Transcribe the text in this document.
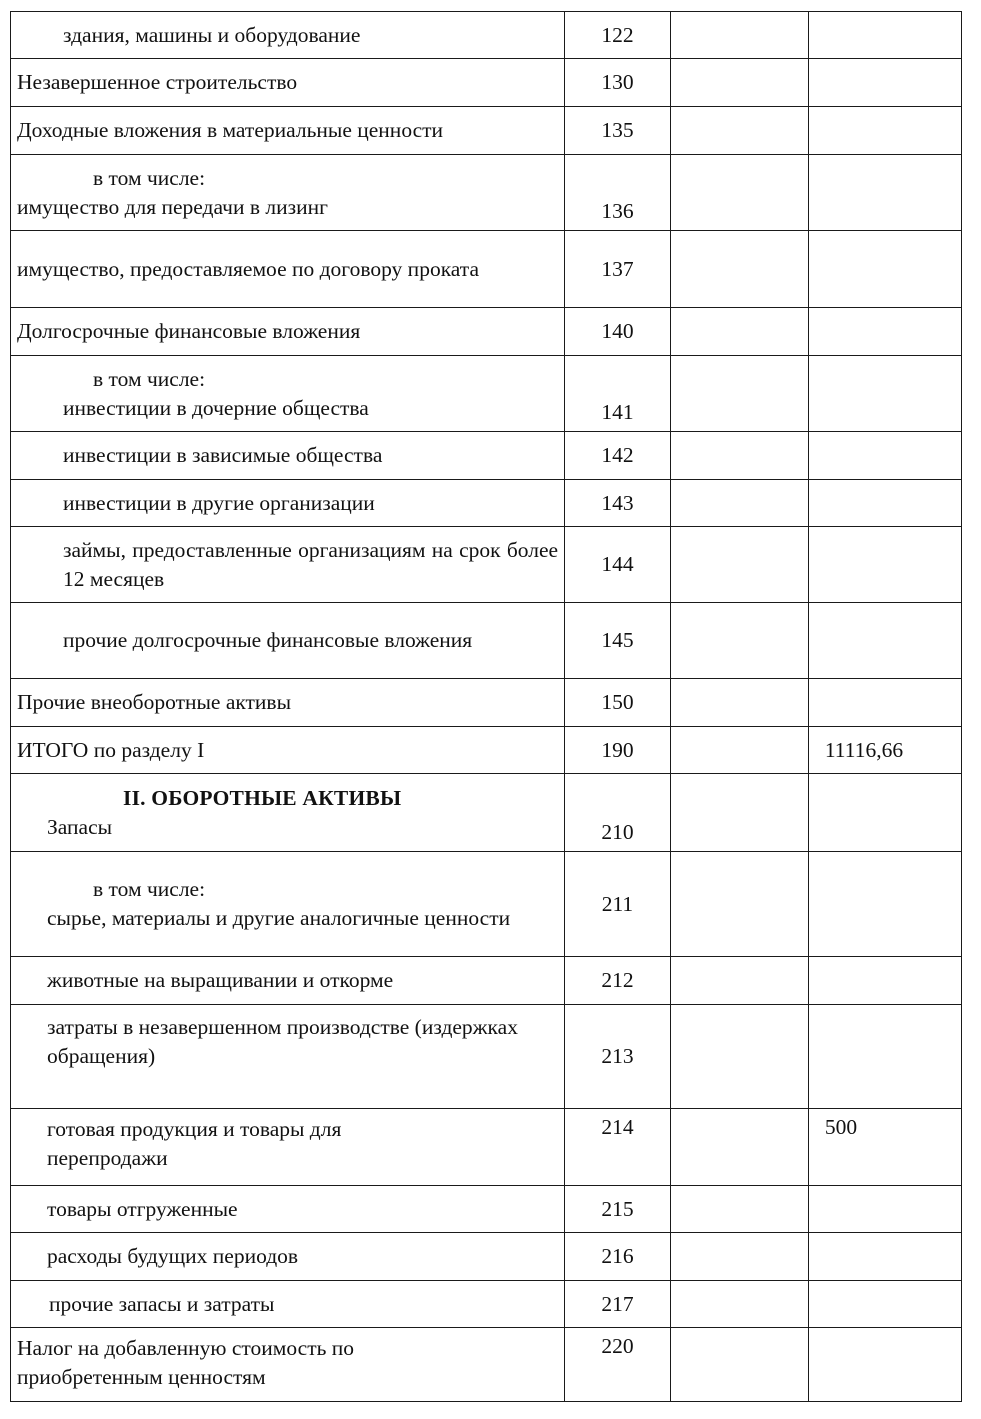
здания, машины и оборудование	122		

Незавершенное строительство	130		

Доходные вложения в материальные ценности	135		

в том числе:
имущество для передачи в лизинг	136		

имущество, предоставляемое по договору проката	137		

Долгосрочные финансовые вложения	140		

в том числе:
инвестиции в дочерние общества	141		

инвестиции в зависимые общества	142		

инвестиции в другие организации	143		

займы, предоставленные организациям на срок более 12 месяцев	144		

прочие долгосрочные финансовые вложения	145		

Прочие внеоборотные активы	150		

ИТОГО по разделу I	190		11116,66

II. ОБОРОТНЫЕ АКТИВЫ
Запасы	210		

в том числе:
сырье, материалы и другие аналогичные ценности	211		

животные на выращивании и откорме	212		

затраты в незавершенном производстве (издержках обращения)	213		

готовая продукция и товары для перепродажи	214		500

товары отгруженные	215		

расходы будущих периодов	216		

прочие запасы и затраты	217		

Налог на добавленную стоимость по приобретенным ценностям	220		
